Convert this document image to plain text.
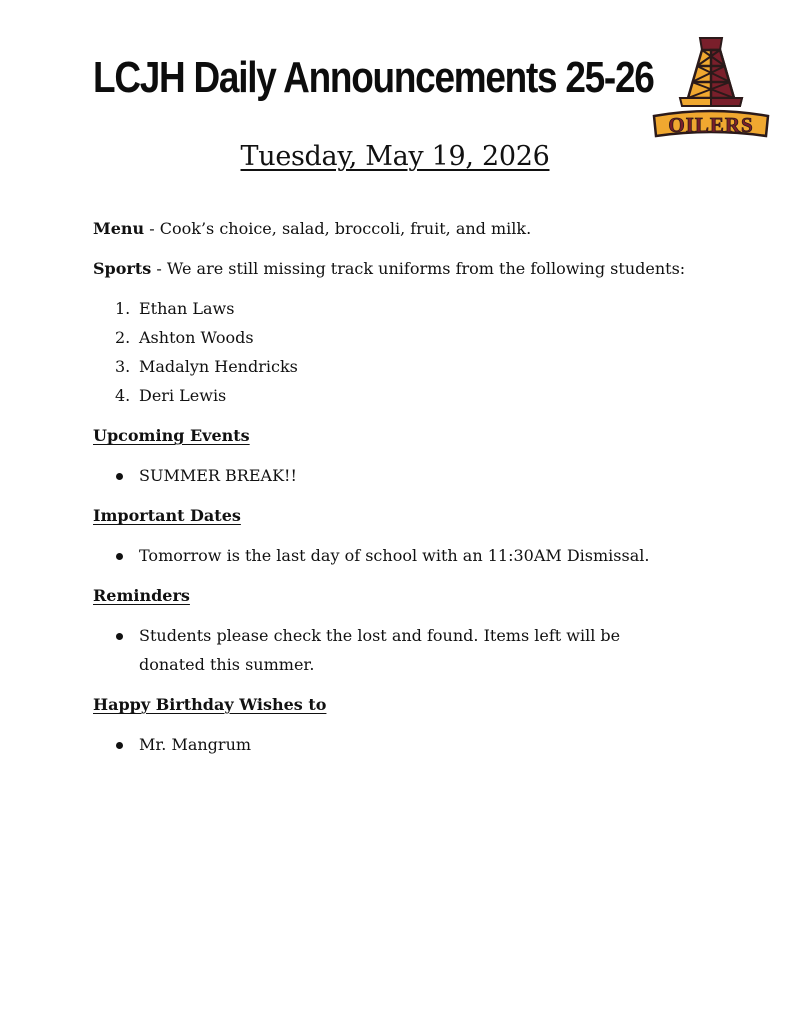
LCJH Daily Announcements 25-26
OILERS
Tuesday, May 19, 2026

Menu - Cook’s choice, salad, broccoli, fruit, and milk.

Sports - We are still missing track uniforms from the following students:

1. Ethan Laws
2. Ashton Woods
3. Madalyn Hendricks
4. Deri Lewis

Upcoming Events

SUMMER BREAK!!

Important Dates

Tomorrow is the last day of school with an 11:30AM Dismissal.

Reminders

Students please check the lost and found. Items left will be donated this summer.

Happy Birthday Wishes to

Mr. Mangrum
